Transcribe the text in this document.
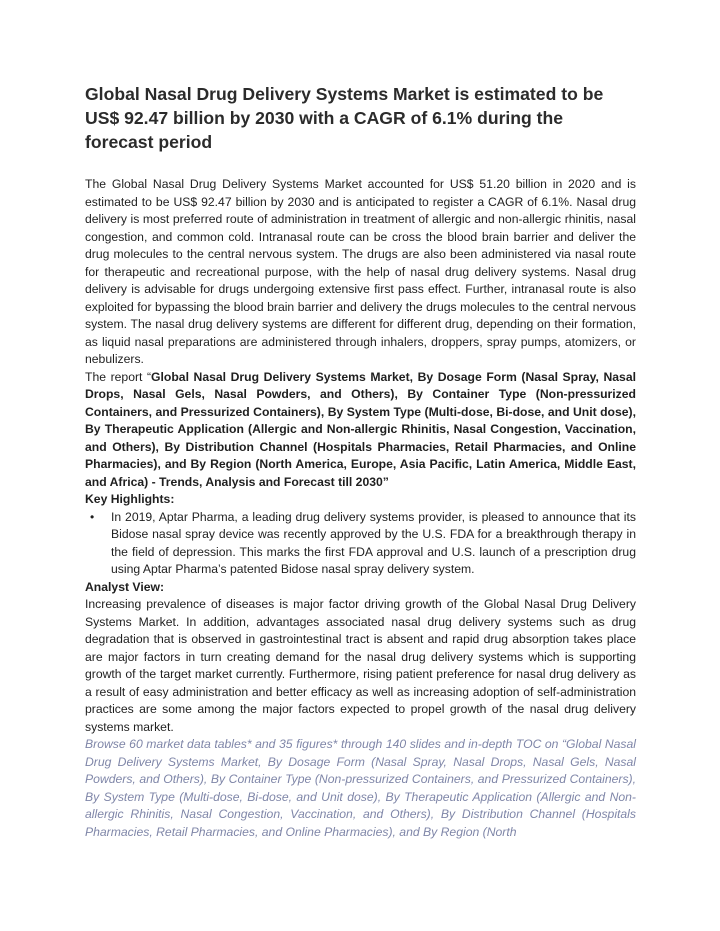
Global Nasal Drug Delivery Systems Market is estimated to be US$ 92.47 billion by 2030 with a CAGR of 6.1% during the forecast period

The Global Nasal Drug Delivery Systems Market accounted for US$ 51.20 billion in 2020 and is estimated to be US$ 92.47 billion by 2030 and is anticipated to register a CAGR of 6.1%. Nasal drug delivery is most preferred route of administration in treatment of allergic and non-allergic rhinitis, nasal congestion, and common cold. Intranasal route can be cross the blood brain barrier and deliver the drug molecules to the central nervous system. The drugs are also been administered via nasal route for therapeutic and recreational purpose, with the help of nasal drug delivery systems. Nasal drug delivery is advisable for drugs undergoing extensive first pass effect. Further, intranasal route is also exploited for bypassing the blood brain barrier and delivery the drugs molecules to the central nervous system. The nasal drug delivery systems are different for different drug, depending on their formation, as liquid nasal preparations are administered through inhalers, droppers, spray pumps, atomizers, or nebulizers.

The report “Global Nasal Drug Delivery Systems Market, By Dosage Form (Nasal Spray, Nasal Drops, Nasal Gels, Nasal Powders, and Others), By Container Type (Non-pressurized Containers, and Pressurized Containers), By System Type (Multi-dose, Bi-dose, and Unit dose), By Therapeutic Application (Allergic and Non-allergic Rhinitis, Nasal Congestion, Vaccination, and Others), By Distribution Channel (Hospitals Pharmacies, Retail Pharmacies, and Online Pharmacies), and By Region (North America, Europe, Asia Pacific, Latin America, Middle East, and Africa) - Trends, Analysis and Forecast till 2030”

Key Highlights:

• In 2019, Aptar Pharma, a leading drug delivery systems provider, is pleased to announce that its Bidose nasal spray device was recently approved by the U.S. FDA for a breakthrough therapy in the field of depression. This marks the first FDA approval and U.S. launch of a prescription drug using Aptar Pharma’s patented Bidose nasal spray delivery system.

Analyst View:

Increasing prevalence of diseases is major factor driving growth of the Global Nasal Drug Delivery Systems Market. In addition, advantages associated nasal drug delivery systems such as drug degradation that is observed in gastrointestinal tract is absent and rapid drug absorption takes place are major factors in turn creating demand for the nasal drug delivery systems which is supporting growth of the target market currently. Furthermore, rising patient preference for nasal drug delivery as a result of easy administration and better efficacy as well as increasing adoption of self-administration practices are some among the major factors expected to propel growth of the nasal drug delivery systems market.

Browse 60 market data tables* and 35 figures* through 140 slides and in-depth TOC on “Global Nasal Drug Delivery Systems Market, By Dosage Form (Nasal Spray, Nasal Drops, Nasal Gels, Nasal Powders, and Others), By Container Type (Non-pressurized Containers, and Pressurized Containers), By System Type (Multi-dose, Bi-dose, and Unit dose), By Therapeutic Application (Allergic and Non-allergic Rhinitis, Nasal Congestion, Vaccination, and Others), By Distribution Channel (Hospitals Pharmacies, Retail Pharmacies, and Online Pharmacies), and By Region (North
